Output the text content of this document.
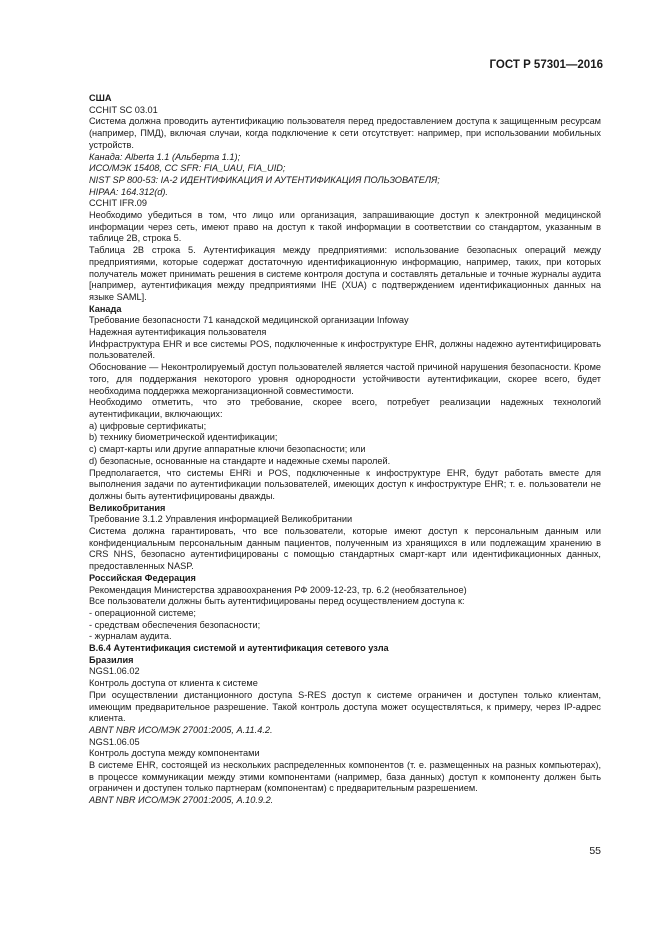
ГОСТ Р 57301—2016

США

CCHIT SC 03.01

Система должна проводить аутентификацию пользователя перед предоставлением доступа к защищенным ресурсам (например, ПМД), включая случаи, когда подключение к сети отсутствует: например, при использовании мобильных устройств.

Канада: Alberta 1.1 (Альберта 1.1);

ИСО/МЭК 15408, CC SFR: FIA_UAU, FIA_UID;

NIST SP 800-53: IA-2 ИДЕНТИФИКАЦИЯ И АУТЕНТИФИКАЦИЯ ПОЛЬЗОВАТЕЛЯ;

HIPAA: 164.312(d).

CCHIT IFR.09

Необходимо убедиться в том, что лицо или организация, запрашивающие доступ к электронной медицинской информации через сеть, имеют право на доступ к такой информации в соответствии со стандартом, указанным в таблице 2B, строка 5.

Таблица 2B строка 5. Аутентификация между предприятиями: использование безопасных операций между предприятиями, которые содержат достаточную идентификационную информацию, например, таких, при которых получатель может принимать решения в системе контроля доступа и составлять детальные и точные журналы аудита [например, аутентификация между предприятиями IHE (XUA) с подтверждением идентификационных данных на языке SAML].

Канада

Требование безопасности 71 канадской медицинской организации Infoway

Надежная аутентификация пользователя

Инфраструктура EHR и все системы POS, подключенные к инфоструктуре EHR, должны надежно аутентифицировать пользователей.

Обоснование — Неконтролируемый доступ пользователей является частой причиной нарушения безопасности. Кроме того, для поддержания некоторого уровня однородности устойчивости аутентификации, скорее всего, будет необходима поддержка межорганизационной совместимости.

Необходимо отметить, что это требование, скорее всего, потребует реализации надежных технологий аутентификации, включающих:

a) цифровые сертификаты;

b) технику биометрической идентификации;

c) смарт-карты или другие аппаратные ключи безопасности; или

d) безопасные, основанные на стандарте и надежные схемы паролей.

Предполагается, что системы EHRi и POS, подключенные к инфоструктуре EHR, будут работать вместе для выполнения задачи по аутентификации пользователей, имеющих доступ к инфоструктуре EHR; т. е. пользователи не должны быть аутентифицированы дважды.

Великобритания

Требование 3.1.2 Управления информацией Великобритании

Система должна гарантировать, что все пользователи, которые имеют доступ к персональным данным или конфиденциальным персональным данным пациентов, полученным из хранящихся в или подлежащим хранению в CRS NHS, безопасно аутентифицированы с помощью стандартных смарт-карт или идентификационных данных, предоставленных NASP.

Российская Федерация

Рекомендация Министерства здравоохранения РФ 2009-12-23, тр. 6.2 (необязательное)

Все пользователи должны быть аутентифицированы перед осуществлением доступа к:

- операционной системе;

- средствам обеспечения безопасности;

- журналам аудита.

B.6.4 Аутентификация системой и аутентификация сетевого узла

Бразилия

NGS1.06.02

Контроль доступа от клиента к системе

При осуществлении дистанционного доступа S-RES доступ к системе ограничен и доступен только клиентам, имеющим предварительное разрешение. Такой контроль доступа может осуществляться, к примеру, через IP-адрес клиента.

ABNT NBR ИСО/МЭК 27001:2005, A.11.4.2.

NGS1.06.05

Контроль доступа между компонентами

В системе EHR, состоящей из нескольких распределенных компонентов (т. е. размещенных на разных компьютерах), в процессе коммуникации между этими компонентами (например, база данных) доступ к компоненту должен быть ограничен и доступен только партнерам (компонентам) с предварительным разрешением.

ABNT NBR ИСО/МЭК 27001:2005, A.10.9.2.

55
